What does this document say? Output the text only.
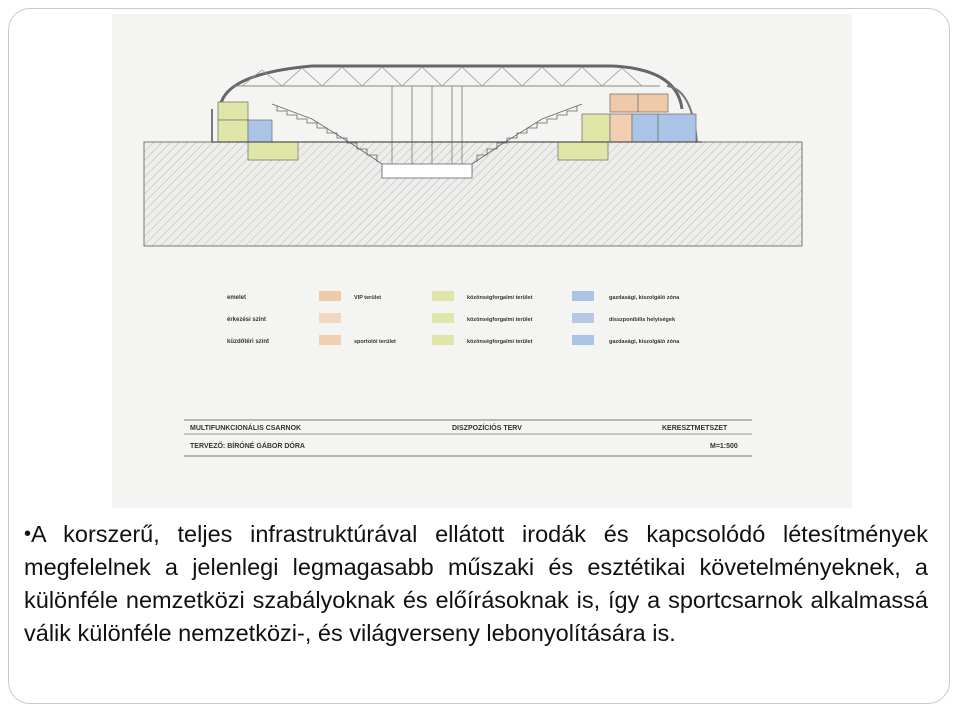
emelet
érkezési szint
küzdőtéri szint
VIP terület
sportolói terület
közönségforgalmi terület
közönségforgalmi terület
közönségforgalmi terület
gazdasági, kiszolgáló zóna
disszponibilis helyiségek
gazdasági, kiszolgáló zóna
MULTIFUNKCIONÁLIS CSARNOK
TERVEZŐ: BÍRÓNÉ GÁBOR DÓRA
DISZPOZÍCIÓS TERV	KERESZTMETSZET
M=1:500

•A korszerű, teljes infrastruktúrával ellátott irodák és kapcsolódó létesítmények megfelelnek a jelenlegi legmagasabb műszaki és esztétikai követelményeknek, a különféle nemzetközi szabályoknak és előírásoknak is, így a sportcsarnok alkalmassá válik különféle nemzetközi-, és világverseny lebonyolítására is.
